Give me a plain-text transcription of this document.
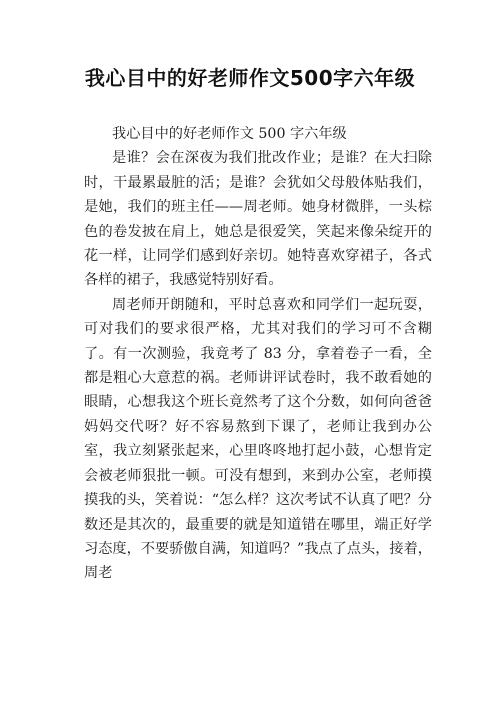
我心目中的好老师作文500字六年级

我心目中的好老师作文 500 字六年级

是谁？会在深夜为我们批改作业；是谁？在大扫除时，干最累最脏的活；是谁？会犹如父母般体贴我们，是她，我们的班主任——周老师。她身材微胖，一头棕色的卷发披在肩上，她总是很爱笑，笑起来像朵绽开的花一样，让同学们感到好亲切。她特喜欢穿裙子，各式各样的裙子，我感觉特别好看。

周老师开朗随和，平时总喜欢和同学们一起玩耍，可对我们的要求很严格，尤其对我们的学习可不含糊了。有一次测验，我竟考了 83 分，拿着卷子一看，全都是粗心大意惹的祸。老师讲评试卷时，我不敢看她的眼睛，心想我这个班长竟然考了这个分数，如何向爸爸妈妈交代呀？好不容易熬到下课了，老师让我到办公室，我立刻紧张起来，心里咚咚地打起小鼓，心想肯定会被老师狠批一顿。可没有想到，来到办公室，老师摸摸我的头，笑着说：“怎么样？这次考试不认真了吧？分数还是其次的，最重要的就是知道错在哪里，端正好学习态度，不要骄傲自满，知道吗？”我点了点头，接着，周老
